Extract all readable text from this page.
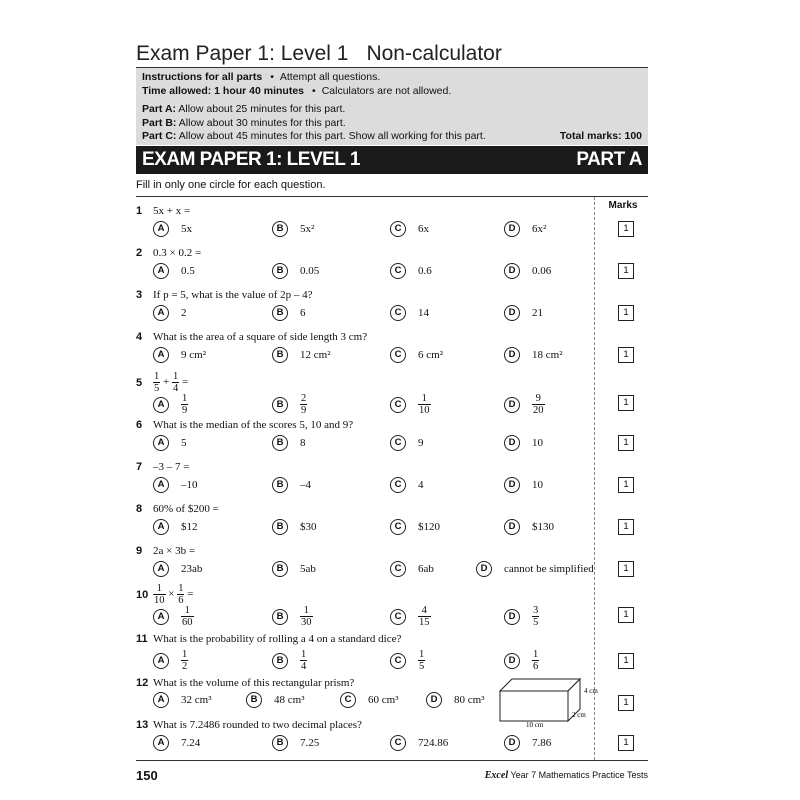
Exam Paper 1: Level 1 Non-calculator
Instructions for all parts • Attempt all questions.
Time allowed: 1 hour 40 minutes • Calculators are not allowed.
Part A: Allow about 25 minutes for this part.
Part B: Allow about 30 minutes for this part.
Part C: Allow about 45 minutes for this part. Show all working for this part.	Total marks: 100
EXAM PAPER 1: LEVEL 1	PART A
Fill in only one circle for each question.
Marks
1 5x + x =
A 5x	B 5x²	C 6x	D 6x²	1
2 0.3 × 0.2 =
A 0.5	B 0.05	C 0.6	D 0.06	1
3 If p = 5, what is the value of 2p – 4?
A 2	B 6	C 14	D 21	1
4 What is the area of a square of side length 3 cm?
A 9 cm²	B 12 cm²	C 6 cm²	D 18 cm²	1
$5 \frac{1}{5} + \frac{1}{4}$ =
A $\frac{1}{9}$	B $\frac{2}{9}$	C $\frac{1}{10}$	D $\frac{9}{20}$	1
6 What is the median of the scores 5, 10 and 9?
A 5	B 8	C 9	D 10	1
7 –3 – 7 =
A –10	B –4	C 4	D 10	1
8 60% of $200 =
A $12	B $30	C $120	D $130	1
9 2a × 3b =
A 23ab	B 5ab	C 6ab	D cannot be simplified	1
$10 \frac{1}{10} \times \frac{1}{6}$ =
A $\frac{1}{60}$	B $\frac{1}{30}$	C $\frac{4}{15}$	D $\frac{3}{5}$	1
11 What is the probability of rolling a 4 on a standard dice?
A $\frac{1}{2}$	B $\frac{1}{4}$	C $\frac{1}{5}$	D $\frac{1}{6}$	1
12 What is the volume of this rectangular prism?
A 32 cm³	B 48 cm³	C 60 cm³	D 80 cm³
4 cm
2 cm
10 cm
1
13 What is 7.2486 rounded to two decimal places?
A 7.24	B 7.25	C 724.86	D 7.86	1
150	Excel Year 7 Mathematics Practice Tests
